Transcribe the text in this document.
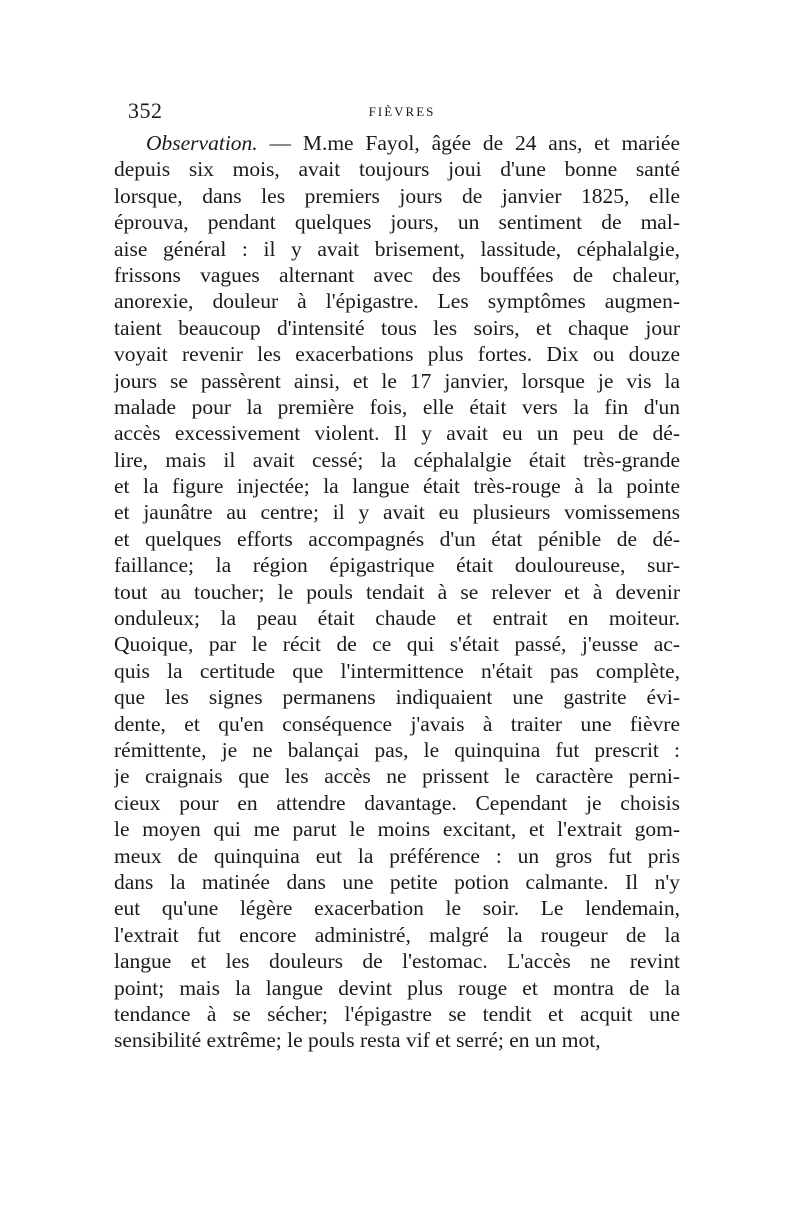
352	FIÈVRES
Observation. — M.me Fayol, âgée de 24 ans, et mariée
depuis six mois, avait toujours joui d'une bonne santé
lorsque, dans les premiers jours de janvier 1825, elle
éprouva, pendant quelques jours, un sentiment de mal-
aise général : il y avait brisement, lassitude, céphalalgie,
frissons vagues alternant avec des bouffées de chaleur,
anorexie, douleur à l'épigastre. Les symptômes augmen-
taient beaucoup d'intensité tous les soirs, et chaque jour
voyait revenir les exacerbations plus fortes. Dix ou douze
jours se passèrent ainsi, et le 17 janvier, lorsque je vis la
malade pour la première fois, elle était vers la fin d'un
accès excessivement violent. Il y avait eu un peu de dé-
lire, mais il avait cessé; la céphalalgie était très-grande
et la figure injectée; la langue était très-rouge à la pointe
et jaunâtre au centre; il y avait eu plusieurs vomissemens
et quelques efforts accompagnés d'un état pénible de dé-
faillance; la région épigastrique était douloureuse, sur-
tout au toucher; le pouls tendait à se relever et à devenir
onduleux; la peau était chaude et entrait en moiteur.
Quoique, par le récit de ce qui s'était passé, j'eusse ac-
quis la certitude que l'intermittence n'était pas complète,
que les signes permanens indiquaient une gastrite évi-
dente, et qu'en conséquence j'avais à traiter une fièvre
rémittente, je ne balançai pas, le quinquina fut prescrit :
je craignais que les accès ne prissent le caractère perni-
cieux pour en attendre davantage. Cependant je choisis
le moyen qui me parut le moins excitant, et l'extrait gom-
meux de quinquina eut la préférence : un gros fut pris
dans la matinée dans une petite potion calmante. Il n'y
eut qu'une légère exacerbation le soir. Le lendemain,
l'extrait fut encore administré, malgré la rougeur de la
langue et les douleurs de l'estomac. L'accès ne revint
point; mais la langue devint plus rouge et montra de la
tendance à se sécher; l'épigastre se tendit et acquit une
sensibilité extrême; le pouls resta vif et serré; en un mot,
